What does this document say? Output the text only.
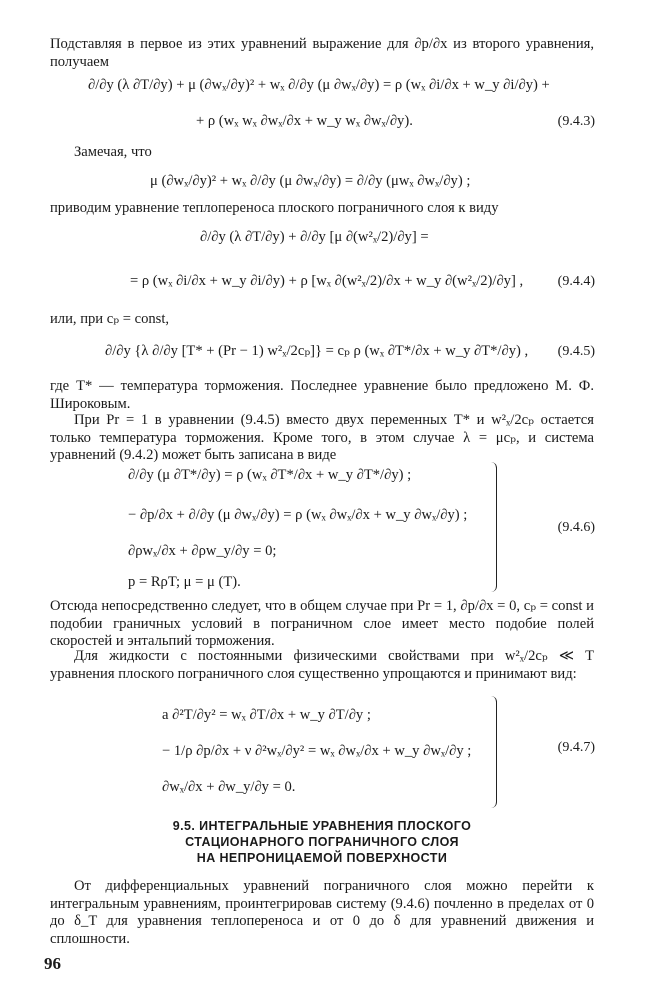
Подставляя в первое из этих уравнений выражение для ∂p/∂x из второго уравнения, получаем
∂/∂y (λ ∂T/∂y) + μ (∂wₓ/∂y)² + wₓ ∂/∂y (μ ∂wₓ/∂y) = ρ (wₓ ∂i/∂x + w_y ∂i/∂y) +
+ ρ (wₓ wₓ ∂wₓ/∂x + w_y wₓ ∂wₓ/∂y).	(9.4.3)
Замечая, что
μ (∂wₓ/∂y)² + wₓ ∂/∂y (μ ∂wₓ/∂y) = ∂/∂y (μwₓ ∂wₓ/∂y) ;
приводим уравнение теплопереноса плоского пограничного слоя к виду
∂/∂y (λ ∂T/∂y) + ∂/∂y [μ ∂(w²ₓ/2)/∂y] =
= ρ (wₓ ∂i/∂x + w_y ∂i/∂y) + ρ [wₓ ∂(w²ₓ/2)/∂x + w_y ∂(w²ₓ/2)/∂y] , (9.4.4)
или, при cₚ = const,
∂/∂y {λ ∂/∂y [T* + (Pr − 1) w²ₓ/2cₚ]} = cₚ ρ (wₓ ∂T*/∂x + w_y ∂T*/∂y) , (9.4.5)
где T* — температура торможения. Последнее уравнение было предложено М. Ф. Широковым.
При Pr = 1 в уравнении (9.4.5) вместо двух переменных T* и w²ₓ/2cₚ остается только температура торможения. Кроме того, в этом случае λ = μcₚ, и система уравнений (9.4.2) может быть записана в виде
∂/∂y (μ ∂T*/∂y) = ρ (wₓ ∂T*/∂x + w_y ∂T*/∂y) ;
− ∂p/∂x + ∂/∂y (μ ∂wₓ/∂y) = ρ (wₓ ∂wₓ/∂x + w_y ∂wₓ/∂y) ;
∂ρwₓ/∂x + ∂ρw_y/∂y = 0;
p = RρT; μ = μ (T).
(9.4.6)
Отсюда непосредственно следует, что в общем случае при Pr = 1, ∂p/∂x = 0, cₚ = const и подобии граничных условий в пограничном слое имеет место подобие полей скоростей и энтальпий торможения.
Для жидкости с постоянными физическими свойствами при w²ₓ/2cₚ ≪ T уравнения плоского пограничного слоя существенно упрощаются и принимают вид:
a ∂²T/∂y² = wₓ ∂T/∂x + w_y ∂T/∂y ;
− 1/ρ ∂p/∂x + ν ∂²wₓ/∂y² = wₓ ∂wₓ/∂x + w_y ∂wₓ/∂y ;
∂wₓ/∂x + ∂w_y/∂y = 0.
(9.4.7)
9.5. ИНТЕГРАЛЬНЫЕ УРАВНЕНИЯ ПЛОСКОГО
СТАЦИОНАРНОГО ПОГРАНИЧНОГО СЛОЯ
НА НЕПРОНИЦАЕМОЙ ПОВЕРХНОСТИ
От дифференциальных уравнений пограничного слоя можно перейти к интегральным уравнениям, проинтегрировав систему (9.4.6) почленно в пределах от 0 до δ_T для уравнения теплопереноса и от 0 до δ для уравнений движения и сплошности.
96
